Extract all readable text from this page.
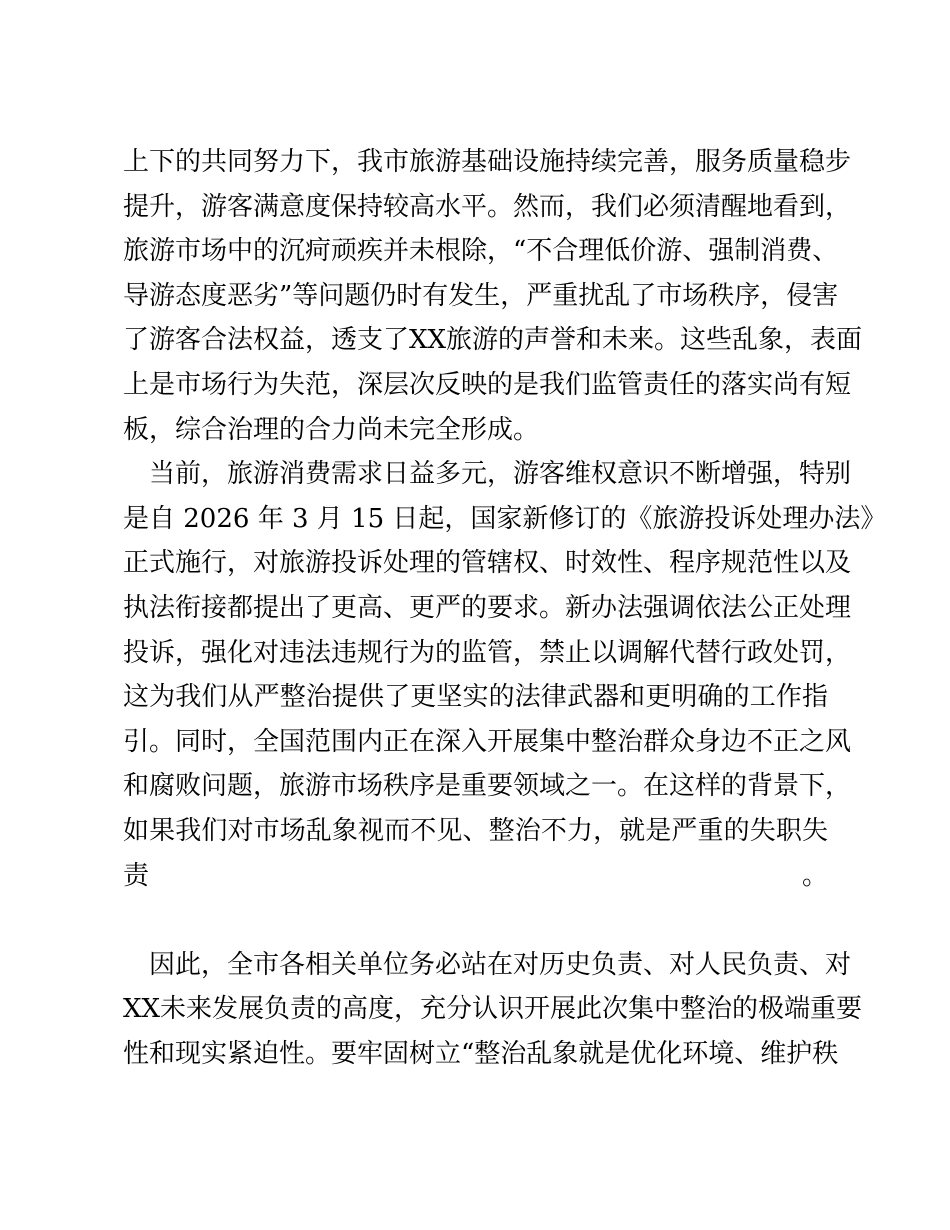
上下的共同努力下，我市旅游基础设施持续完善，服务质量稳步
提升，游客满意度保持较高水平。然而，我们必须清醒地看到，
旅游市场中的沉疴顽疾并未根除，“不合理低价游、强制消费、
导游态度恶劣”等问题仍时有发生，严重扰乱了市场秩序，侵害
了游客合法权益，透支了XX旅游的声誉和未来。这些乱象，表面
上是市场行为失范，深层次反映的是我们监管责任的落实尚有短
板，综合治理的合力尚未完全形成。
　当前，旅游消费需求日益多元，游客维权意识不断增强，特别
是自 2026 年 3 月 15 日起，国家新修订的《旅游投诉处理办法》
正式施行，对旅游投诉处理的管辖权、时效性、程序规范性以及
执法衔接都提出了更高、更严的要求。新办法强调依法公正处理
投诉，强化对违法违规行为的监管，禁止以调解代替行政处罚，
这为我们从严整治提供了更坚实的法律武器和更明确的工作指
引。同时，全国范围内正在深入开展集中整治群众身边不正之风
和腐败问题，旅游市场秩序是重要领域之一。在这样的背景下，
如果我们对市场乱象视而不见、整治不力，就是严重的失职失
责。
　因此，全市各相关单位务必站在对历史负责、对人民负责、对
XX未来发展负责的高度，充分认识开展此次集中整治的极端重要
性和现实紧迫性。要牢固树立“整治乱象就是优化环境、维护秩
